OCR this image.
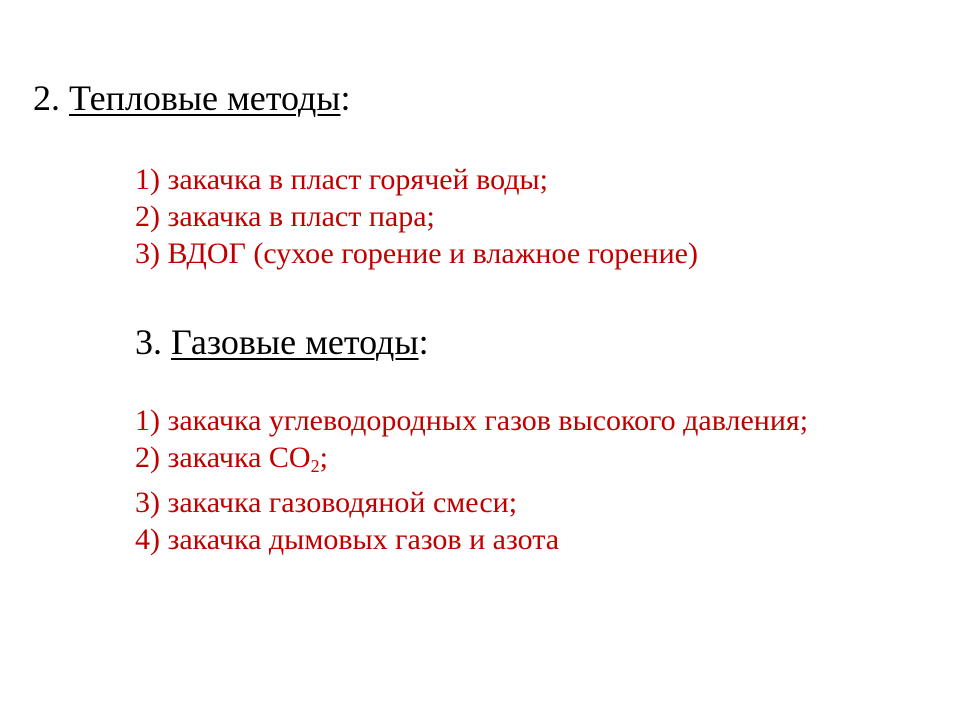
2. Тепловые методы:
1) закачка в пласт горячей воды;
2) закачка в пласт пара;
3) ВДОГ (сухое горение и влажное горение)
3. Газовые методы:
1) закачка углеводородных газов высокого давления;
2) закачка $CO_2$;
3) закачка газоводяной смеси;
4) закачка дымовых газов и азота
